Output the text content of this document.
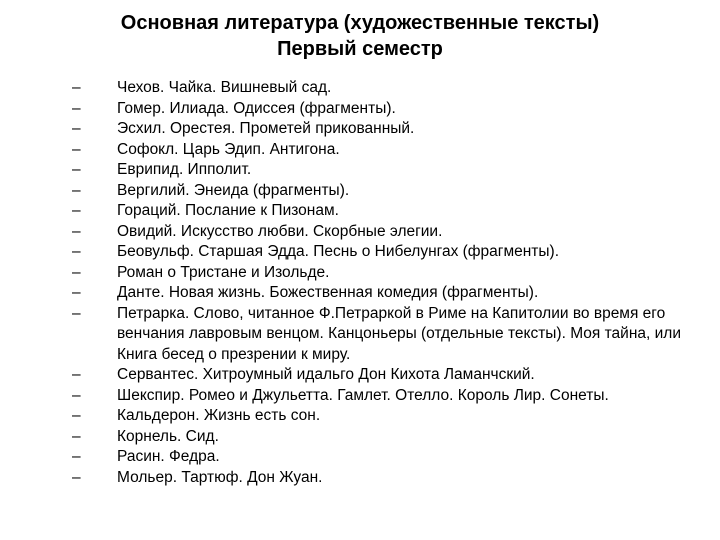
Основная литература (художественные тексты)
Первый семестр
–	Чехов. Чайка. Вишневый сад.
–	Гомер. Илиада. Одиссея (фрагменты).
–	Эсхил. Орестея. Прометей прикованный.
–	Софокл. Царь Эдип. Антигона.
–	Еврипид. Ипполит.
–	Вергилий. Энеида (фрагменты).
–	Гораций. Послание к Пизонам.
–	Овидий. Искусство любви. Скорбные элегии.
–	Беовульф. Старшая Эдда. Песнь о Нибелунгах (фрагменты).
–	Роман о Тристане и Изольде.
–	Данте. Новая жизнь. Божественная комедия (фрагменты).
–	Петрарка. Слово, читанное Ф.Петраркой в Риме на Капитолии во время его венчания лавровым венцом. Канцоньеры (отдельные тексты). Моя тайна, или Книга бесед о презрении к миру.
–	Сервантес. Хитроумный идальго Дон Кихота Ламанчский.
–	Шекспир. Ромео и Джульетта. Гамлет. Отелло. Король Лир. Сонеты.
–	Кальдерон. Жизнь есть сон.
–	Корнель. Сид.
–	Расин. Федра.
–	Мольер. Тартюф. Дон Жуан.
